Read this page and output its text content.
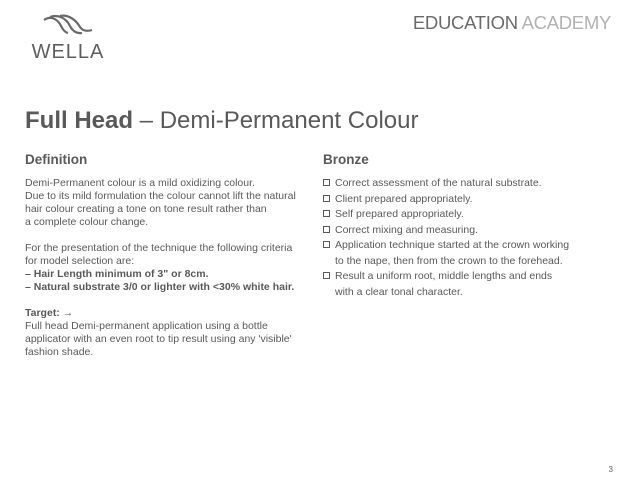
WELLA
EDUCATION ACADEMY
Full Head – Demi-Permanent Colour
Definition

Demi-Permanent colour is a mild oxidizing colour.

Due to its mild formulation the colour cannot lift the natural

hair colour creating a tone on tone result rather than

a complete colour change.

For the presentation of the technique the following criteria

for model selection are:

– Hair Length minimum of 3" or 8cm.

– Natural substrate 3/0 or lighter with <30% white hair.

Target: →

Full head Demi-permanent application using a bottle

applicator with an even root to tip result using any 'visible'

fashion shade.

Bronze
Correct assessment of the natural substrate.
Client prepared appropriately.
Self prepared appropriately.
Correct mixing and measuring.
Application technique started at the crown working
to the nape, then from the crown to the forehead.
Result a uniform root, middle lengths and ends
with a clear tonal character.
3
